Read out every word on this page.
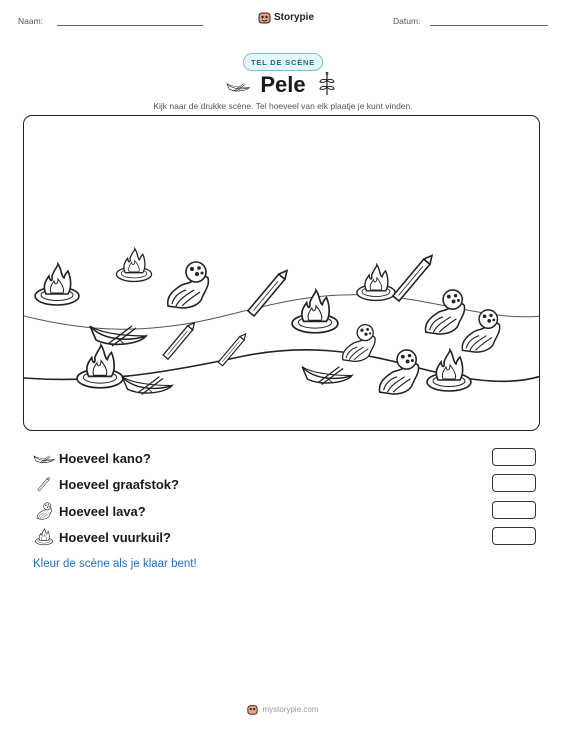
Naam:	Storypie	Datum:
TEL DE SCÈNE
Pele
Kijk naar de drukke scène. Tel hoeveel van elk plaatje je kunt vinden.
Hoeveel kano?
Hoeveel graafstok?
Hoeveel lava?
Hoeveel vuurkuil?
Kleur de scène als je klaar bent!
mystorypie.com
